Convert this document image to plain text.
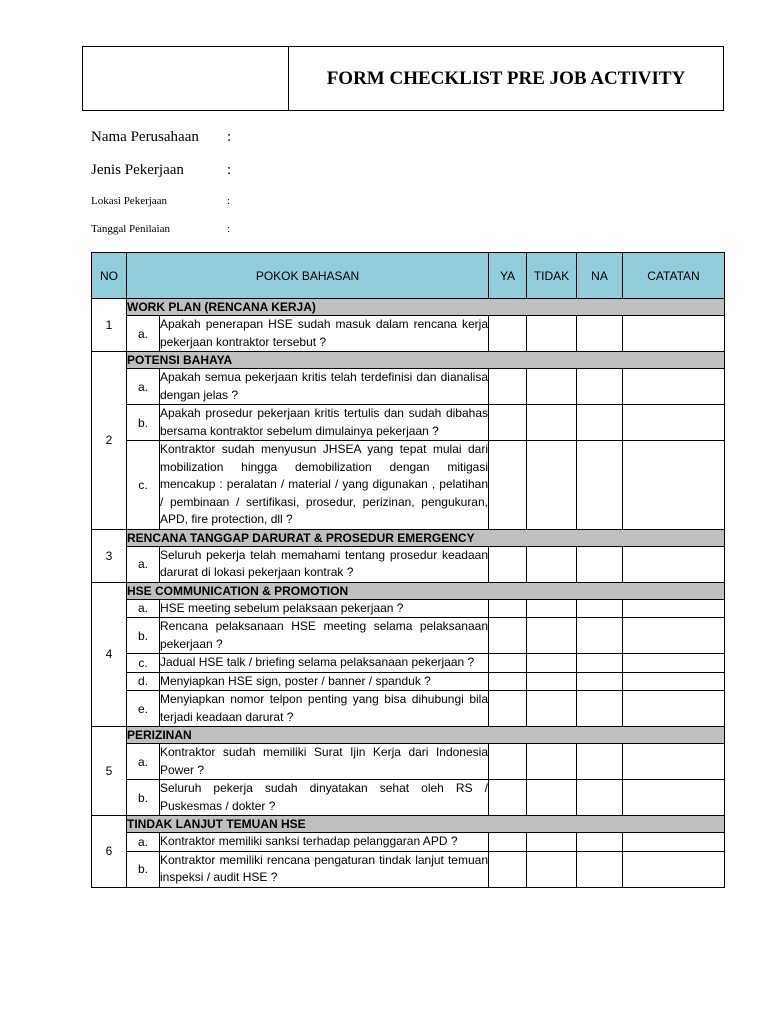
FORM CHECKLIST PRE JOB ACTIVITY
Nama Perusahaan :
Jenis Pekerjaan	:
Lokasi Pekerjaan	:
Tanggal Penilaian	:
NO	POKOK BAHASAN		YA	TIDAK	NA	CATATAN
1	WORK PLAN (RENCANA KERJA)					
	a.	Apakah penerapan HSE sudah masuk dalam rencana kerja pekerjaan kontraktor tersebut ?				
2	POTENSI BAHAYA					
	a.	Apakah semua pekerjaan kritis telah terdefinisi dan dianalisa dengan jelas ?				
	b.	Apakah prosedur pekerjaan kritis tertulis dan sudah dibahas bersama kontraktor sebelum dimulainya pekerjaan ?				
	c.	Kontraktor sudah menyusun JHSEA yang tepat mulai dari mobilization hingga demobilization dengan mitigasi mencakup : peralatan / material / yang digunakan , pelatihan / pembinaan / sertifikasi, prosedur, perizinan, pengukuran, APD, fire protection, dll ?				
3	RENCANA TANGGAP DARURAT & PROSEDUR EMERGENCY					
	a.	Seluruh pekerja telah memahami tentang prosedur keadaan darurat di lokasi pekerjaan kontrak ?				
4	HSE COMMUNICATION & PROMOTION					
	a.	HSE meeting sebelum pelaksaan pekerjaan ?				
	b.	Rencana pelaksanaan HSE meeting selama pelaksanaan pekerjaan ?				
	c.	Jadual HSE talk / briefing selama pelaksanaan pekerjaan ?				
	d.	Menyiapkan HSE sign, poster / banner / spanduk ?				
	e.	Menyiapkan nomor telpon penting yang bisa dihubungi bila terjadi keadaan darurat ?				
5	PERIZINAN					
	a.	Kontraktor sudah memiliki Surat Ijin Kerja dari Indonesia Power ?				
	b.	Seluruh pekerja sudah dinyatakan sehat oleh RS / Puskesmas / dokter ?				
6	TINDAK LANJUT TEMUAN HSE					
	a.	Kontraktor memiliki sanksi terhadap pelanggaran APD ?				
	b.	Kontraktor memiliki rencana pengaturan tindak lanjut temuan inspeksi / audit HSE ?				
